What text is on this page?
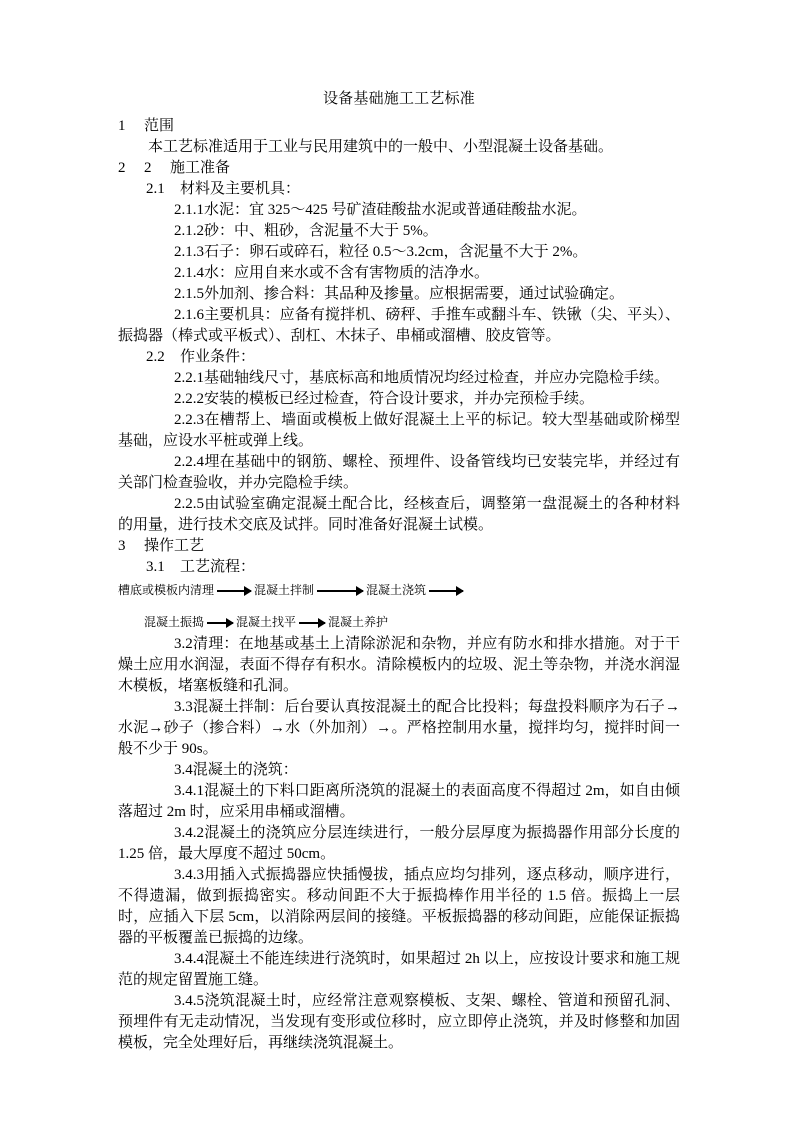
设备基础施工工艺标准

1 范围

本工艺标准适用于工业与民用建筑中的一般中、小型混凝土设备基础。

2 2 施工准备

2.1 材料及主要机具：

2.1.1水泥：宜 325～425 号矿渣硅酸盐水泥或普通硅酸盐水泥。

2.1.2砂：中、粗砂，含泥量不大于 5%。

2.1.3石子：卵石或碎石，粒径 0.5～3.2cm，含泥量不大于 2%。

2.1.4水：应用自来水或不含有害物质的洁净水。

2.1.5外加剂、掺合料：其品种及掺量。应根据需要，通过试验确定。

2.1.6主要机具：应备有搅拌机、磅秤、手推车或翻斗车、铁锹（尖、平头）、振捣器（棒式或平板式）、刮杠、木抹子、串桶或溜槽、胶皮管等。

2.2 作业条件：

2.2.1基础轴线尺寸，基底标高和地质情况均经过检查，并应办完隐检手续。

2.2.2安装的模板已经过检查，符合设计要求，并办完预检手续。

2.2.3在槽帮上、墙面或模板上做好混凝土上平的标记。较大型基础或阶梯型基础，应设水平桩或弹上线。

2.2.4埋在基础中的钢筋、螺栓、预埋件、设备管线均已安装完毕，并经过有关部门检查验收，并办完隐检手续。

2.2.5由试验室确定混凝土配合比，经核查后，调整第一盘混凝土的各种材料的用量，进行技术交底及试拌。同时准备好混凝土试模。

3 操作工艺

3.1 工艺流程：

槽底或模板内清理	混凝土拌制	混凝土浇筑
混凝土振捣	混凝土找平	混凝土养护

3.2清理：在地基或基土上清除淤泥和杂物，并应有防水和排水措施。对于干燥土应用水润湿，表面不得存有积水。清除模板内的垃圾、泥土等杂物，并浇水润湿木模板，堵塞板缝和孔洞。

3.3混凝土拌制：后台要认真按混凝土的配合比投料；每盘投料顺序为石子→水泥→砂子（掺合料）→水（外加剂）→。严格控制用水量，搅拌均匀，搅拌时间一般不少于 90s。

3.4混凝土的浇筑：

3.4.1混凝土的下料口距离所浇筑的混凝土的表面高度不得超过 2m，如自由倾落超过 2m 时，应采用串桶或溜槽。

3.4.2混凝土的浇筑应分层连续进行，一般分层厚度为振捣器作用部分长度的 1.25 倍，最大厚度不超过 50cm。

3.4.3用插入式振捣器应快插慢拔，插点应均匀排列，逐点移动，顺序进行，不得遗漏，做到振捣密实。移动间距不大于振捣棒作用半径的 1.5 倍。振捣上一层时，应插入下层 5cm，以消除两层间的接缝。平板振捣器的移动间距，应能保证振捣器的平板覆盖已振捣的边缘。

3.4.4混凝土不能连续进行浇筑时，如果超过 2h 以上，应按设计要求和施工规范的规定留置施工缝。

3.4.5浇筑混凝土时，应经常注意观察模板、支架、螺栓、管道和预留孔洞、预埋件有无走动情况，当发现有变形或位移时，应立即停止浇筑，并及时修整和加固模板，完全处理好后，再继续浇筑混凝土。
